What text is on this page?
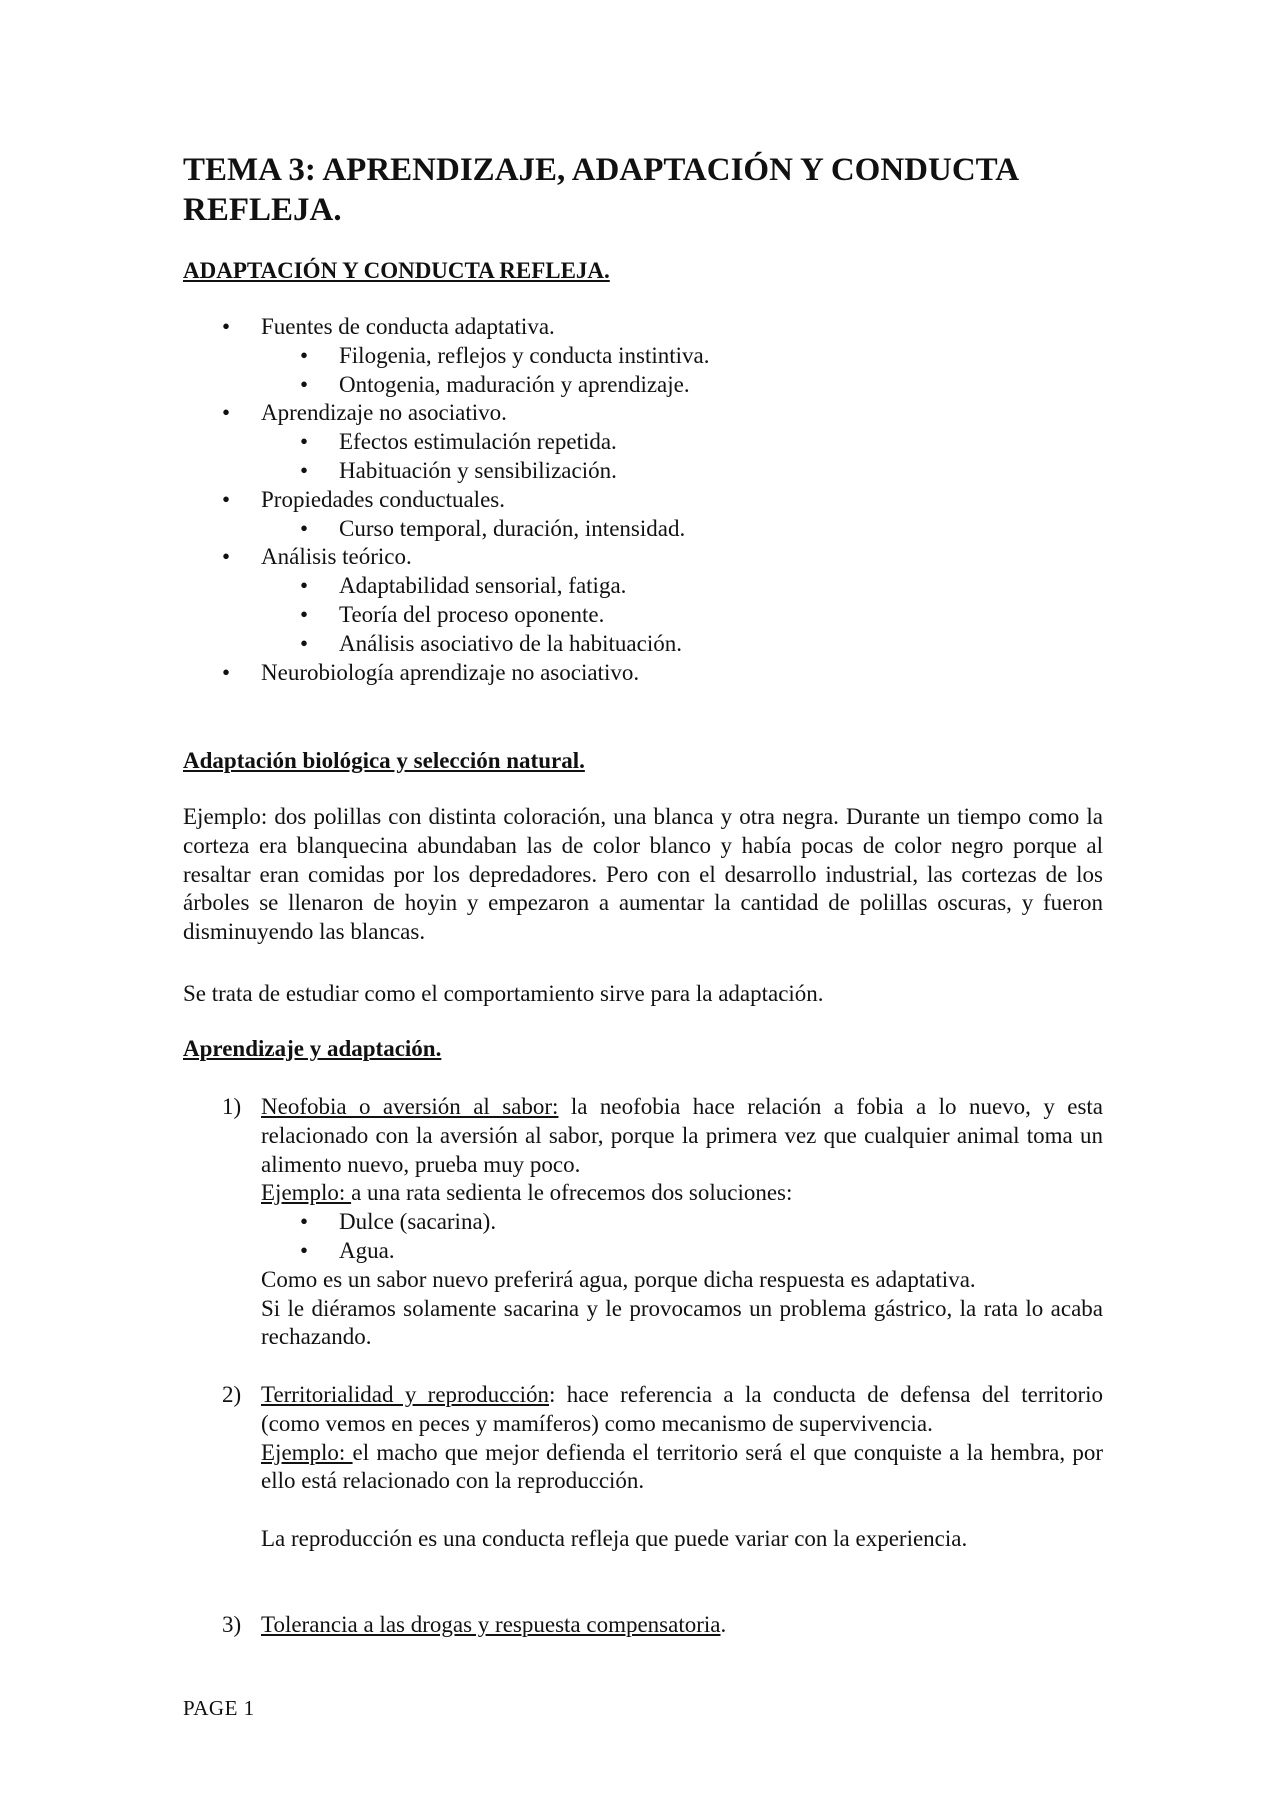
TEMA 3: APRENDIZAJE, ADAPTACIÓN Y CONDUCTA REFLEJA.
ADAPTACIÓN Y CONDUCTA REFLEJA.
• Fuentes de conducta adaptativa.
• Filogenia, reflejos y conducta instintiva.
• Ontogenia, maduración y aprendizaje.
• Aprendizaje no asociativo.
• Efectos estimulación repetida.
• Habituación y sensibilización.
• Propiedades conductuales.
• Curso temporal, duración, intensidad.
• Análisis teórico.
• Adaptabilidad sensorial, fatiga.
• Teoría del proceso oponente.
• Análisis asociativo de la habituación.
• Neurobiología aprendizaje no asociativo.
Adaptación biológica y selección natural.
Ejemplo: dos polillas con distinta coloración, una blanca y otra negra. Durante un tiempo como la corteza era blanquecina abundaban las de color blanco y había pocas de color negro porque al resaltar eran comidas por los depredadores. Pero con el desarrollo industrial, las cortezas de los árboles se llenaron de hoyin y empezaron a aumentar la cantidad de polillas oscuras, y fueron disminuyendo las blancas.
Se trata de estudiar como el comportamiento sirve para la adaptación.
Aprendizaje y adaptación.
1) Neofobia o aversión al sabor: la neofobia hace relación a fobia a lo nuevo, y esta relacionado con la aversión al sabor, porque la primera vez que cualquier animal toma un alimento nuevo, prueba muy poco.
Ejemplo: a una rata sedienta le ofrecemos dos soluciones:
• Dulce (sacarina).
• Agua.
Como es un sabor nuevo preferirá agua, porque dicha respuesta es adaptativa.
Si le diéramos solamente sacarina y le provocamos un problema gástrico, la rata lo acaba rechazando.
2) Territorialidad y reproducción: hace referencia a la conducta de defensa del territorio (como vemos en peces y mamíferos) como mecanismo de supervivencia.
Ejemplo: el macho que mejor defienda el territorio será el que conquiste a la hembra, por ello está relacionado con la reproducción.
La reproducción es una conducta refleja que puede variar con la experiencia.
3) Tolerancia a las drogas y respuesta compensatoria.
PAGE 1
